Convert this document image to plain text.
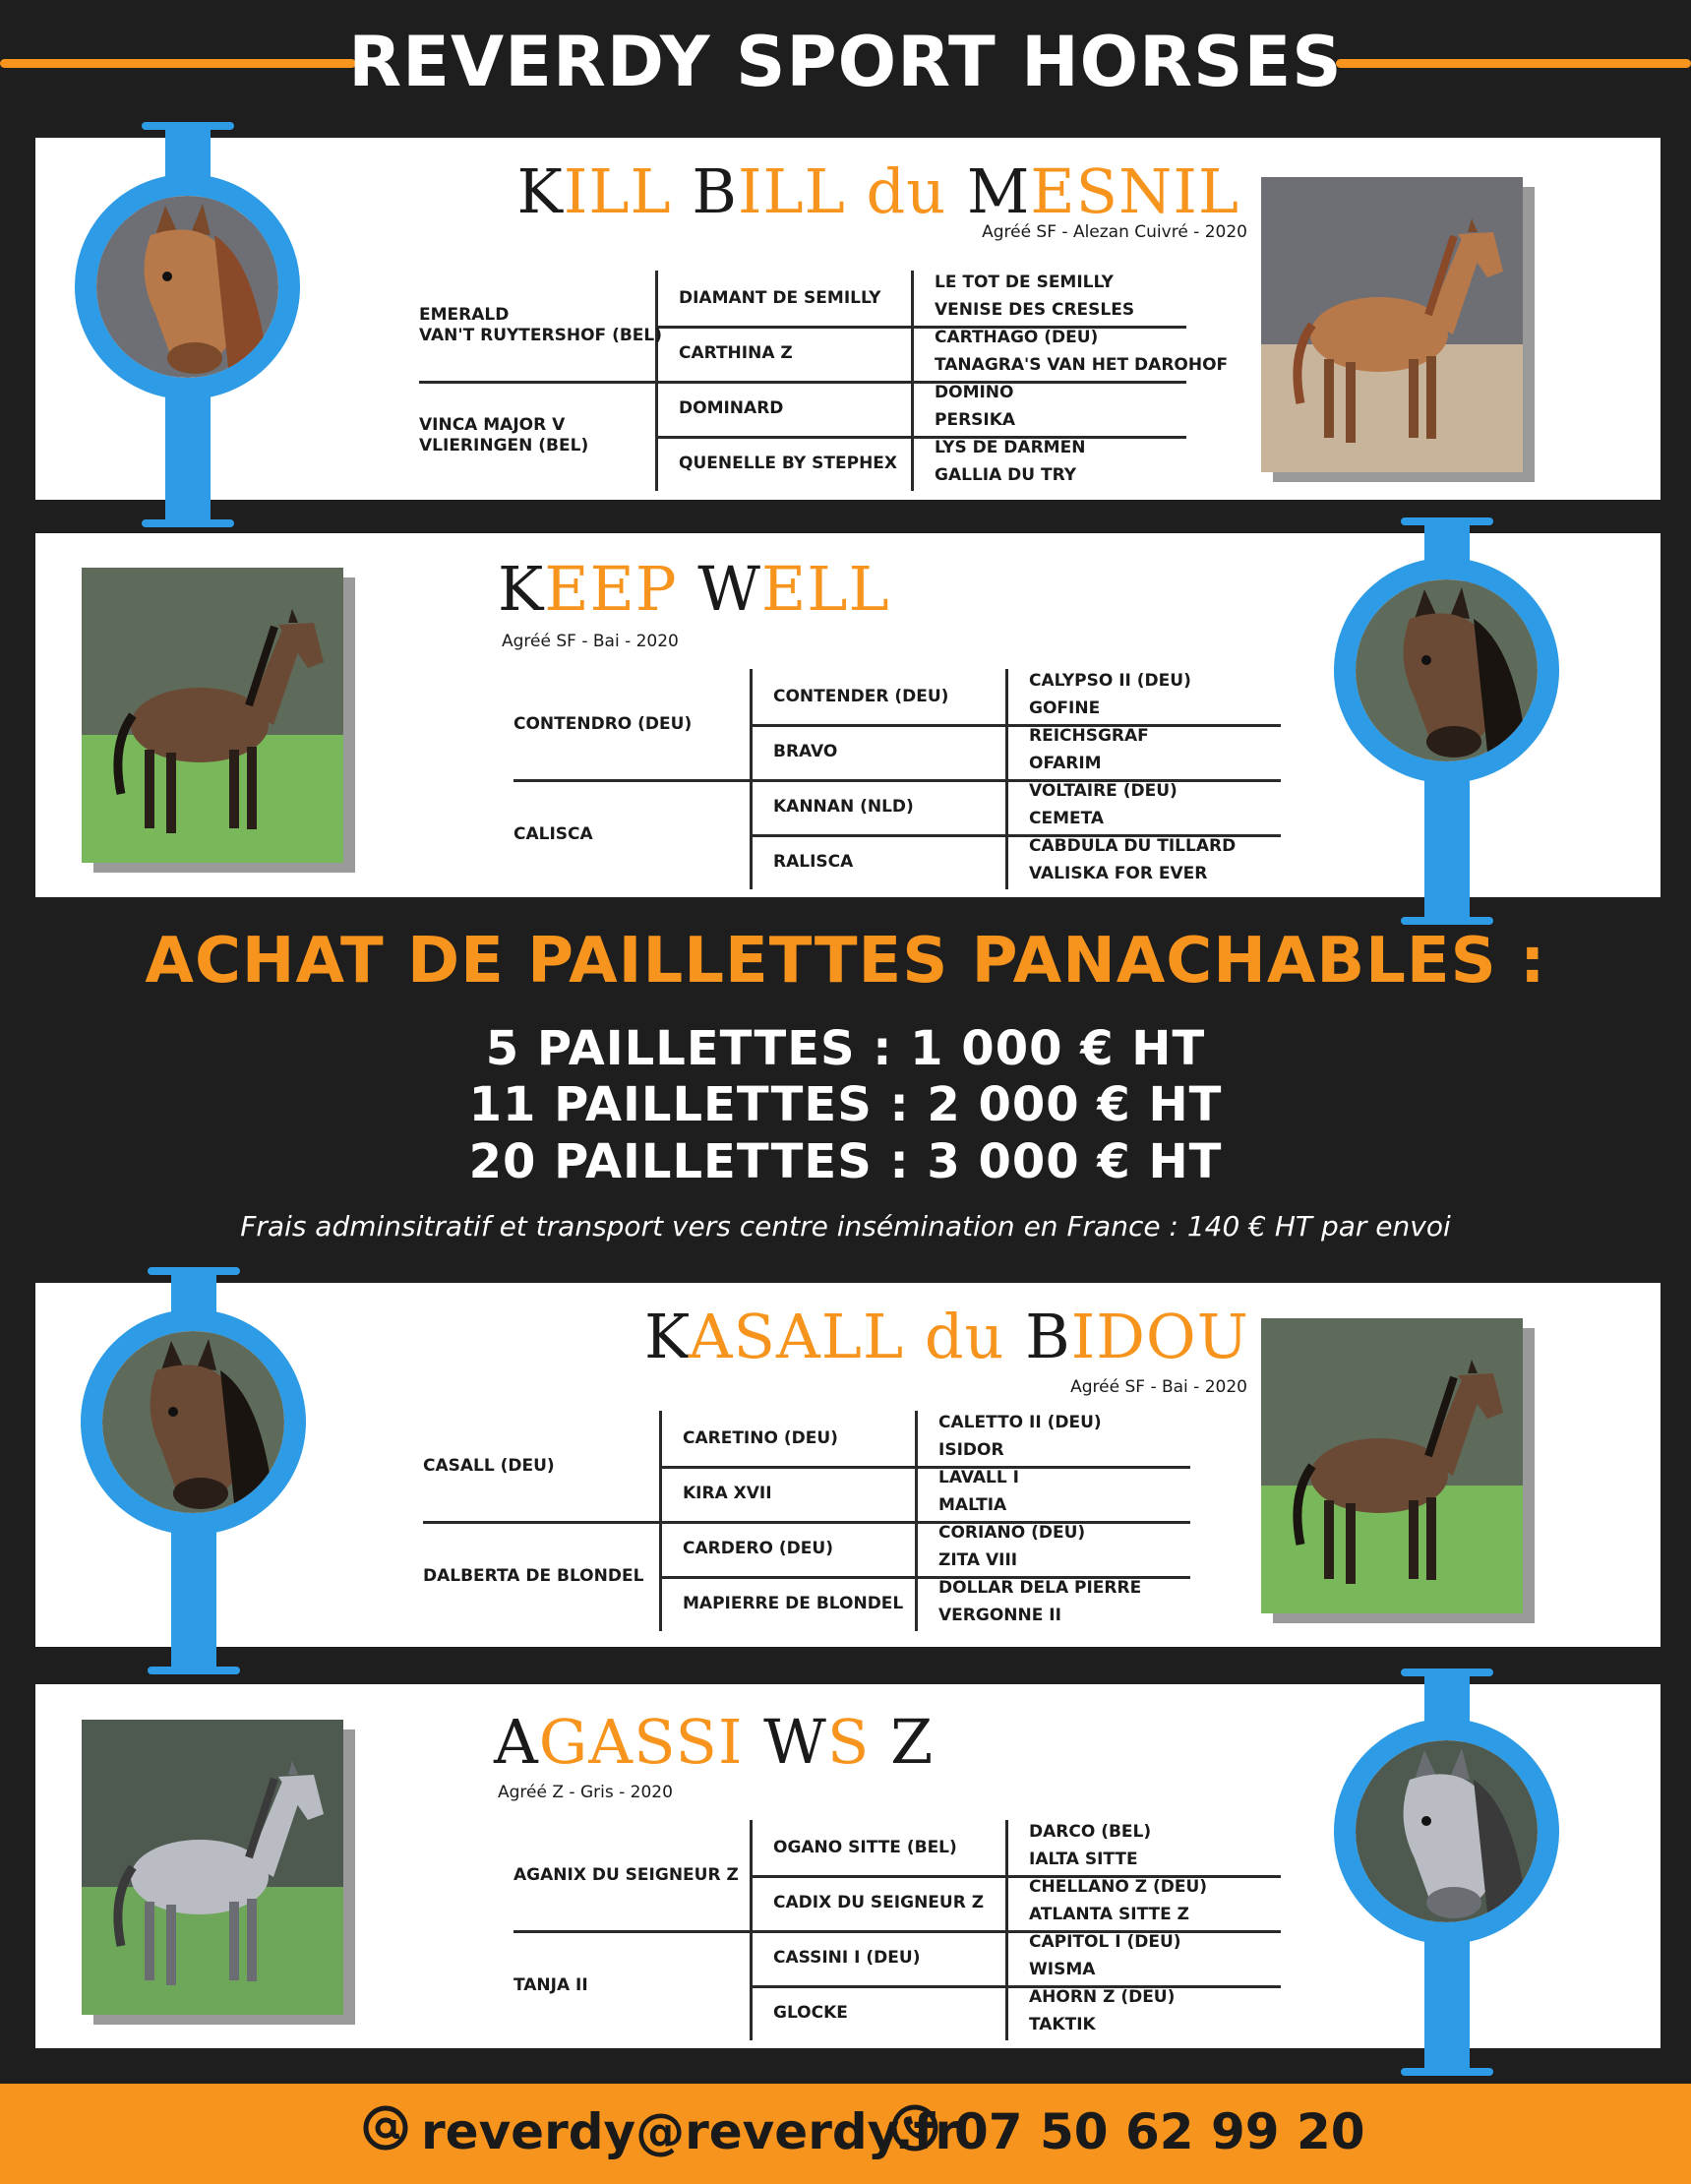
REVERDY SPORT HORSES
KILL BILL du MESNIL
Agréé SF - Alezan Cuivré - 2020
EMERALD
VAN'T RUYTERSHOF (BEL)
VINCA MAJOR V
VLIERINGEN (BEL)
DIAMANT DE SEMILLY
CARTHINA Z
DOMINARD
QUENELLE BY STEPHEX
LE TOT DE SEMILLY
VENISE DES CRESLES
CARTHAGO (DEU)
TANAGRA'S VAN HET DAROHOF
DOMINO
PERSIKA
LYS DE DARMEN
GALLIA DU TRY
KEEP WELL
Agréé SF - Bai - 2020
CONTENDRO (DEU)
CALISCA
CONTENDER (DEU)
BRAVO
KANNAN (NLD)
RALISCA
CALYPSO II (DEU)
GOFINE
REICHSGRAF
OFARIM
VOLTAIRE (DEU)
CEMETA
CABDULA DU TILLARD
VALISKA FOR EVER
KASALL du BIDOU
Agréé SF - Bai - 2020
CASALL (DEU)
DALBERTA DE BLONDEL
CARETINO (DEU)
KIRA XVII
CARDERO (DEU)
MAPIERRE DE BLONDEL
CALETTO II (DEU)
ISIDOR
LAVALL I
MALTIA
CORIANO (DEU)
ZITA VIII
DOLLAR DELA PIERRE
VERGONNE II
AGASSI WS Z
Agréé Z - Gris - 2020
AGANIX DU SEIGNEUR Z
TANJA II
OGANO SITTE (BEL)
CADIX DU SEIGNEUR Z
CASSINI I (DEU)
GLOCKE
DARCO (BEL)
IALTA SITTE
CHELLANO Z (DEU)
ATLANTA SITTE Z
CAPITOL I (DEU)
WISMA
AHORN Z (DEU)
TAKTIK
ACHAT DE PAILLETTES PANACHABLES :
5 PAILLETTES : 1 000 € HT
11 PAILLETTES : 2 000 € HT
20 PAILLETTES : 3 000 € HT
Frais adminsitratif et transport vers centre insémination en France : 140 € HT par envoi
reverdy@reverdy.fr
07 50 62 99 20
